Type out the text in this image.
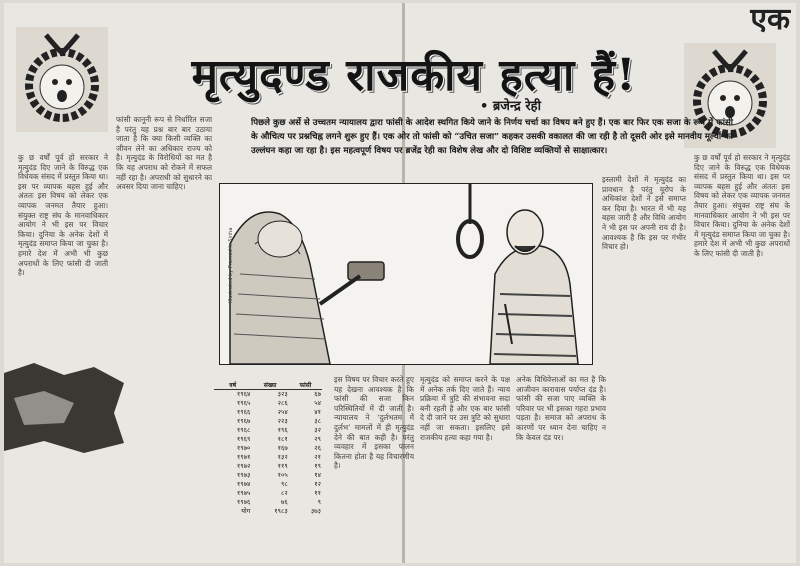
एक
मृत्युदण्ड राजकीय हत्या हैं!
• ब्रजेन्द्र रेही
पिछले कुछ अर्से से उच्चतम न्यायालय द्वारा फांसी के आदेश स्थगित किये जाने के निर्णय चर्चा का विषय बने हुए हैं। एक बार फिर एक सजा के रूप में फांसी के औचित्य पर प्रश्नचिह्न लगने शुरू हुए हैं। एक ओर तो फांसी को “उचित सजा” कहकर उसकी वकालत की जा रही है तो दूसरी ओर इसे मानवीय मूल्यों का उल्लंघन कहा जा रहा है। इस महत्वपूर्ण विषय पर ब्रजेंद्र रेही का विशेष लेख और दो विशिष्ट व्यक्तियों से साक्षात्कार।
कु छ वर्षों पूर्व हो सरकार ने मृत्युदंड दिए जाने के विरुद्ध एक विधेयक संसद में प्रस्तुत किया था। इस पर व्यापक बहस हुई और अंततः इस विषय को लेकर एक व्यापक जनमत तैयार हुआ। संयुक्त राष्ट्र संघ के मानवाधिकार आयोग ने भी इस पर विचार किया। दुनिया के अनेक देशों में मृत्युदंड समाप्त किया जा चुका है। हमारे देश में अभी भी कुछ अपराधों के लिए फांसी दी जाती है।
फांसी कानूनी रूप से निर्धारित सजा है परंतु यह प्रश्न बार बार उठाया जाता है कि क्या किसी व्यक्ति का जीवन लेने का अधिकार राज्य को है। मृत्युदंड के विरोधियों का मत है कि यह अपराध को रोकने में सफल नहीं रहा है। अपराधी को सुधारने का अवसर दिया जाना चाहिए।
इस विषय पर विचार करते हुए यह देखना आवश्यक है कि फांसी की सजा किन परिस्थितियों में दी जाती है। न्यायालय ने ‘दुर्लभतम में दुर्लभ’ मामलों में ही मृत्युदंड देने की बात कही है। परंतु व्यवहार में इसका पालन कितना होता है यह विचारणीय है।
मृत्युदंड को समाप्त करने के पक्ष में अनेक तर्क दिए जाते हैं। न्याय प्रक्रिया में त्रुटि की संभावना सदा बनी रहती है और एक बार फांसी दे दी जाने पर उस त्रुटि को सुधारा नहीं जा सकता। इसलिए इसे राजकीय हत्या कहा गया है।
अनेक विधिवेत्ताओं का मत है कि आजीवन कारावास पर्याप्त दंड है। फांसी की सजा पाए व्यक्ति के परिवार पर भी इसका गहरा प्रभाव पड़ता है। समाज को अपराध के कारणों पर ध्यान देना चाहिए न कि केवल दंड पर।
इस्लामी देशों में मृत्युदंड का प्रावधान है परंतु यूरोप के अधिकांश देशों ने इसे समाप्त कर दिया है। भारत में भी यह बहस जारी है और विधि आयोग ने भी इस पर अपनी राय दी है। आवश्यक है कि इस पर गंभीर विचार हो।
कु छ वर्षों पूर्व हो सरकार ने मृत्युदंड दिए जाने के विरुद्ध एक विधेयक संसद में प्रस्तुत किया था। इस पर व्यापक बहस हुई और अंततः इस विषय को लेकर एक व्यापक जनमत तैयार हुआ। संयुक्त राष्ट्र संघ के मानवाधिकार आयोग ने भी इस पर विचार किया। दुनिया के अनेक देशों में मृत्युदंड समाप्त किया जा चुका है। हमारे देश में अभी भी कुछ अपराधों के लिए फांसी दी जाती है।
Illustrated by Pramod le Sinha
वर्ष	संख्या	फांसी
१९६४	३२३	६७
१९६५	२८६	५४
१९६६	२५४	४१
१९६७	२२३	३८
१९६८	१९६	३२
१९६९	१८१	२९
१९७०	१६७	२६
१९७१	१३२	२१
१९७२	११९	१९
१९७३	१०५	१४
१९७४	९८	१२
१९७५	८२	११
१९७६	७६	९
योग	१९८३	३७३
